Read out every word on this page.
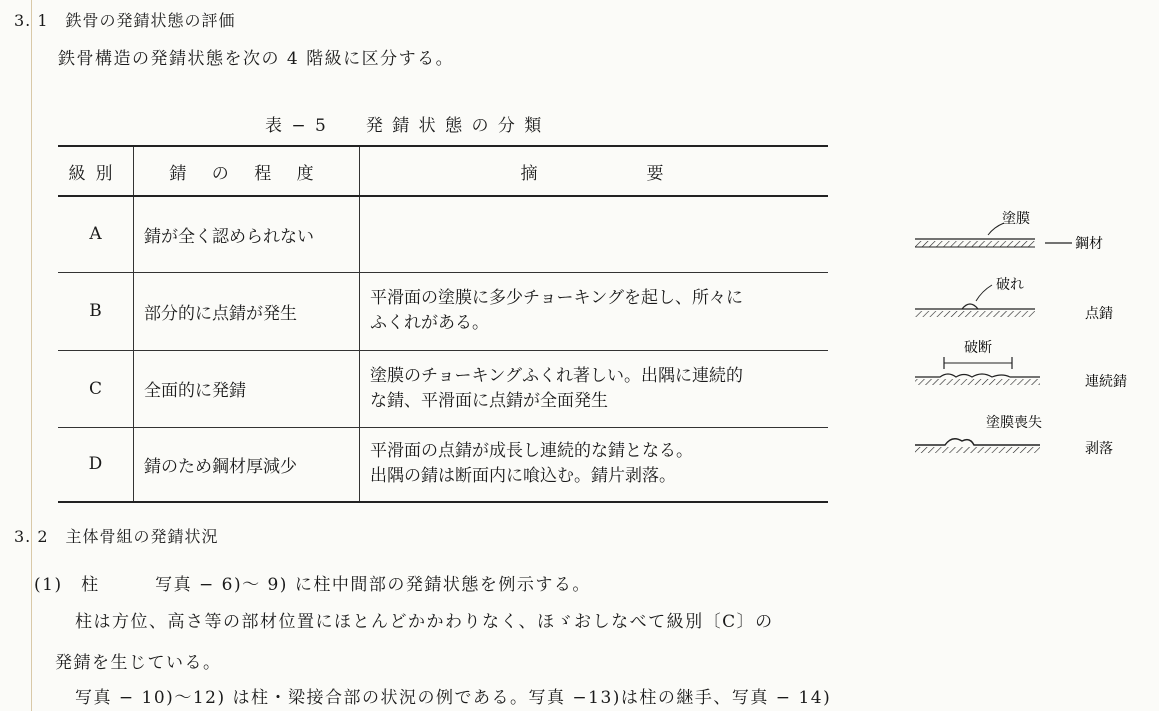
3. 1　鉄骨の発錆状態の評価
鉄骨構造の発錆状態を次の 4 階級に区分する。
表 − 5　　発 錆 状 態 の 分 類
級別	錆 の 程 度	摘　　　　　要
A	錆が全く認められない	

B	部分的に点錆が発生	平滑面の塗膜に多少チョーキングを起し、所々に
ふくれがある。

C	全面的に発錆	塗膜のチョーキングふくれ著しい。出隅に連続的
な錆、平滑面に点錆が全面発生

D	錆のため鋼材厚減少	平滑面の点錆が成長し連続的な錆となる。
出隅の錆は断面内に喰込む。錆片剥落。
塗膜
鋼材
破れ
点錆
破断
連続錆
塗膜喪失
剥落
3. 2　主体骨組の発錆状況
(1)　柱　　　写真 − 6)〜 9) に柱中間部の発錆状態を例示する。
柱は方位、高さ等の部材位置にほとんどかかわりなく、ほゞおしなべて級別〔C〕の
発錆を生じている。
写真 − 10)〜12) は柱・梁接合部の状況の例である。写真 −13)は柱の継手、写真 − 14)
